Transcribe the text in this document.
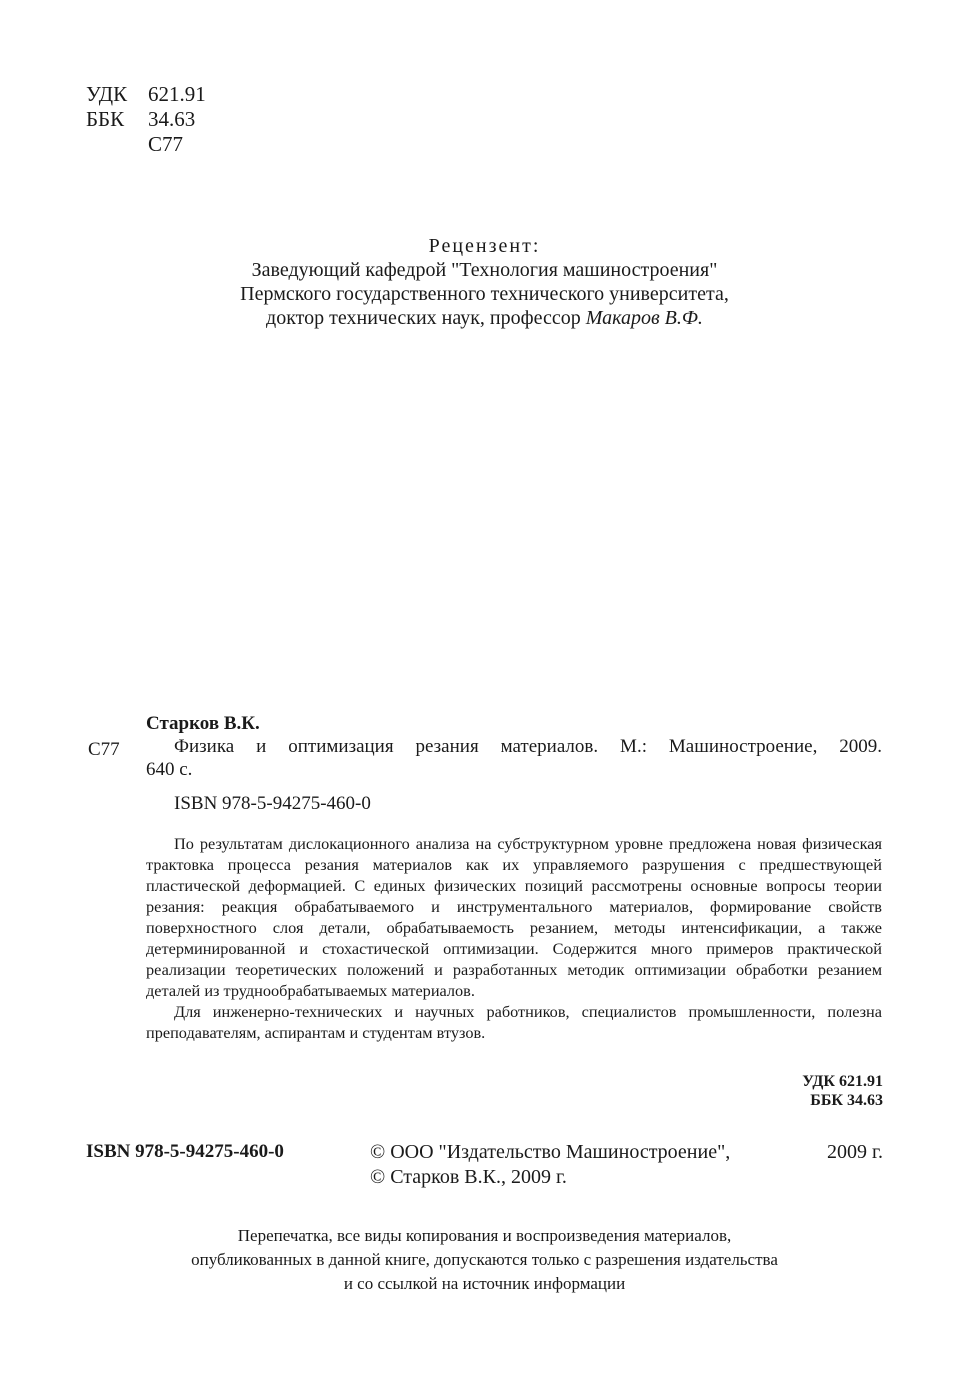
УДК 621.91
ББК	34.63
С77
Рецензент:
Заведующий кафедрой "Технология машиностроения"
Пермского государственного технического университета,
доктор технических наук, профессор Макаров В.Ф.
Старков В.К.
С77	Физика и оптимизация резания материалов. М.: Машиностроение, 2009.
640 с.
ISBN 978-5-94275-460-0

По результатам дислокационного анализа на субструктурном уровне предложена новая физическая трактовка процесса резания материалов как их управляемого разрушения с предшествующей пластической деформацией. С единых физических позиций рассмотрены основные вопросы теории резания: реакция обрабатываемого и инструментального материалов, формирование свойств поверхностного слоя детали, обрабатываемость резанием, методы интенсификации, а также детерминированной и стохастической оптимизации. Содержится много примеров практической реализации теоретических положений и разработанных методик оптимизации обработки резанием деталей из труднообрабатываемых материалов.

Для инженерно-технических и научных работников, специалистов промышленности, полезна преподавателям, аспирантам и студентам втузов.

УДК 621.91
ББК 34.63
ISBN 978-5-94275-460-0	© ООО "Издательство Машиностроение",	2009 г.
© Старков В.К., 2009 г.
Перепечатка, все виды копирования и воспроизведения материалов,
опубликованных в данной книге, допускаются только с разрешения издательства
и со ссылкой на источник информации
